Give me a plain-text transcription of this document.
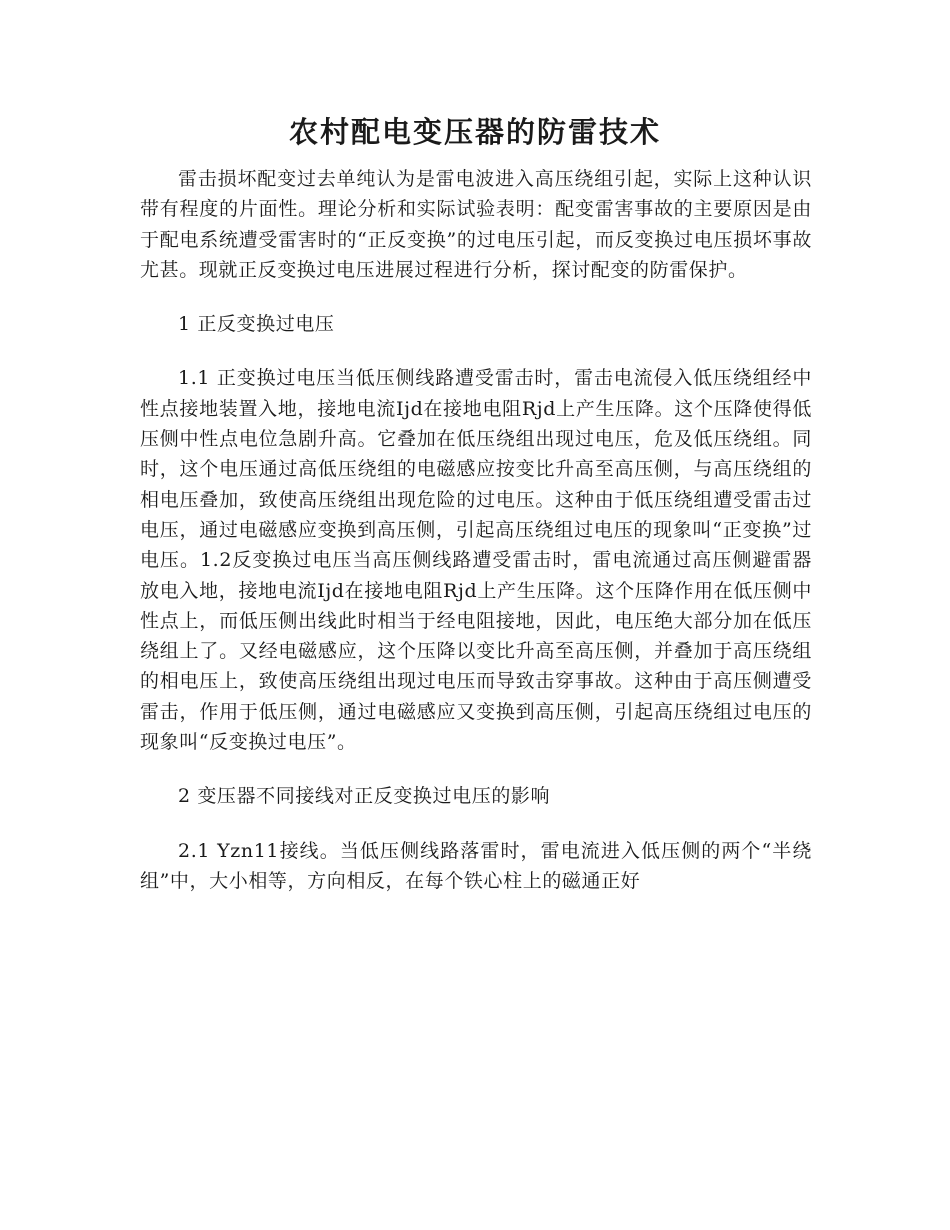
农村配电变压器的防雷技术

雷击损坏配变过去单纯认为是雷电波进入高压绕组引起，实际上这种认识带有程度的片面性。理论分析和实际试验表明：配变雷害事故的主要原因是由于配电系统遭受雷害时的“正反变换”的过电压引起，而反变换过电压损坏事故尤甚。现就正反变换过电压进展过程进行分析，探讨配变的防雷保护。

1 正反变换过电压

1.1 正变换过电压当低压侧线路遭受雷击时，雷击电流侵入低压绕组经中性点接地装置入地，接地电流Ijd在接地电阻Rjd上产生压降。这个压降使得低压侧中性点电位急剧升高。它叠加在低压绕组出现过电压，危及低压绕组。同时，这个电压通过高低压绕组的电磁感应按变比升高至高压侧，与高压绕组的相电压叠加，致使高压绕组出现危险的过电压。这种由于低压绕组遭受雷击过电压，通过电磁感应变换到高压侧，引起高压绕组过电压的现象叫“正变换”过电压。1.2反变换过电压当高压侧线路遭受雷击时，雷电流通过高压侧避雷器放电入地，接地电流Ijd在接地电阻Rjd上产生压降。这个压降作用在低压侧中性点上，而低压侧出线此时相当于经电阻接地，因此，电压绝大部分加在低压绕组上了。又经电磁感应，这个压降以变比升高至高压侧，并叠加于高压绕组的相电压上，致使高压绕组出现过电压而导致击穿事故。这种由于高压侧遭受雷击，作用于低压侧，通过电磁感应又变换到高压侧，引起高压绕组过电压的现象叫“反变换过电压”。

2 变压器不同接线对正反变换过电压的影响

2.1 Yzn11接线。当低压侧线路落雷时，雷电流进入低压侧的两个“半绕组”中，大小相等，方向相反，在每个铁心柱上的磁通正好
